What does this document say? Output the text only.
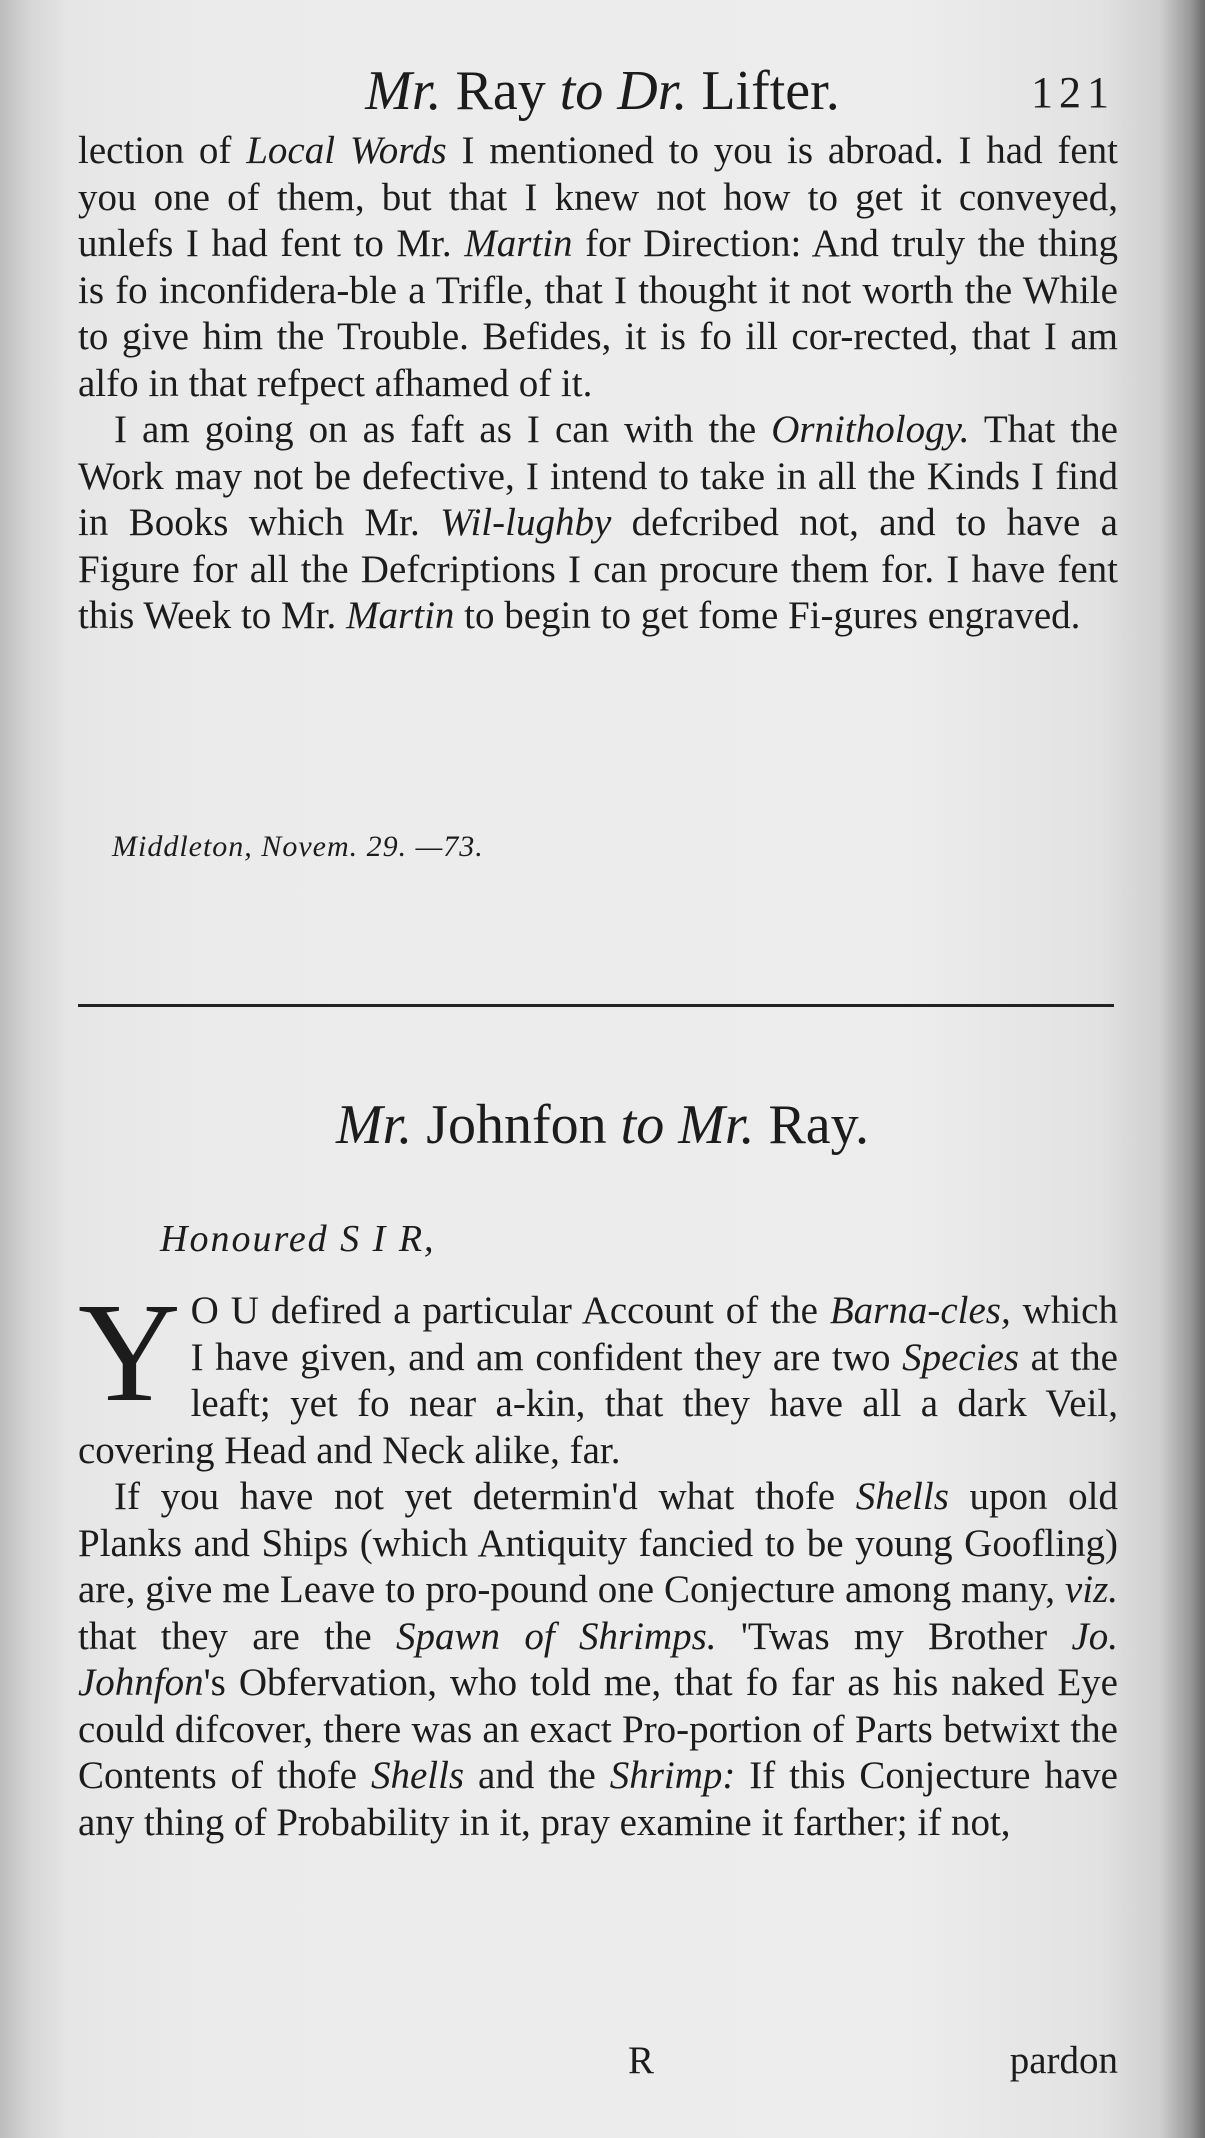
Mr. Ray to Dr. Lifter.	121

lection of Local Words I mentioned to you is abroad. I had fent you one of them, but that I knew not how to get it conveyed, unlefs I had fent to Mr. Martin for Direction: And truly the thing is fo inconfidera-ble a Trifle, that I thought it not worth the While to give him the Trouble. Befides, it is fo ill cor-rected, that I am alfo in that refpect afhamed of it.

I am going on as faft as I can with the Ornithology. That the Work may not be defective, I intend to take in all the Kinds I find in Books which Mr. Wil-lughby defcribed not, and to have a Figure for all the Defcriptions I can procure them for. I have fent this Week to Mr. Martin to begin to get fome Fi-gures engraved.

Middleton, Novem. 29. —73.
Mr. Johnfon to Mr. Ray.
Honoured S I R,

Y O U defired a particular Account of the Barna-cles, which I have given, and am confident they are two Species at the leaft; yet fo near a-kin, that they have all a dark Veil, covering Head and Neck alike, far.

If you have not yet determin'd what thofe Shells upon old Planks and Ships (which Antiquity fancied to be young Goofling) are, give me Leave to pro-pound one Conjecture among many, viz. that they are the Spawn of Shrimps. 'Twas my Brother Jo. Johnfon's Obfervation, who told me, that fo far as his naked Eye could difcover, there was an exact Pro-portion of Parts betwixt the Contents of thofe Shells and the Shrimp: If this Conjecture have any thing of Probability in it, pray examine it farther; if not,

R	pardon
